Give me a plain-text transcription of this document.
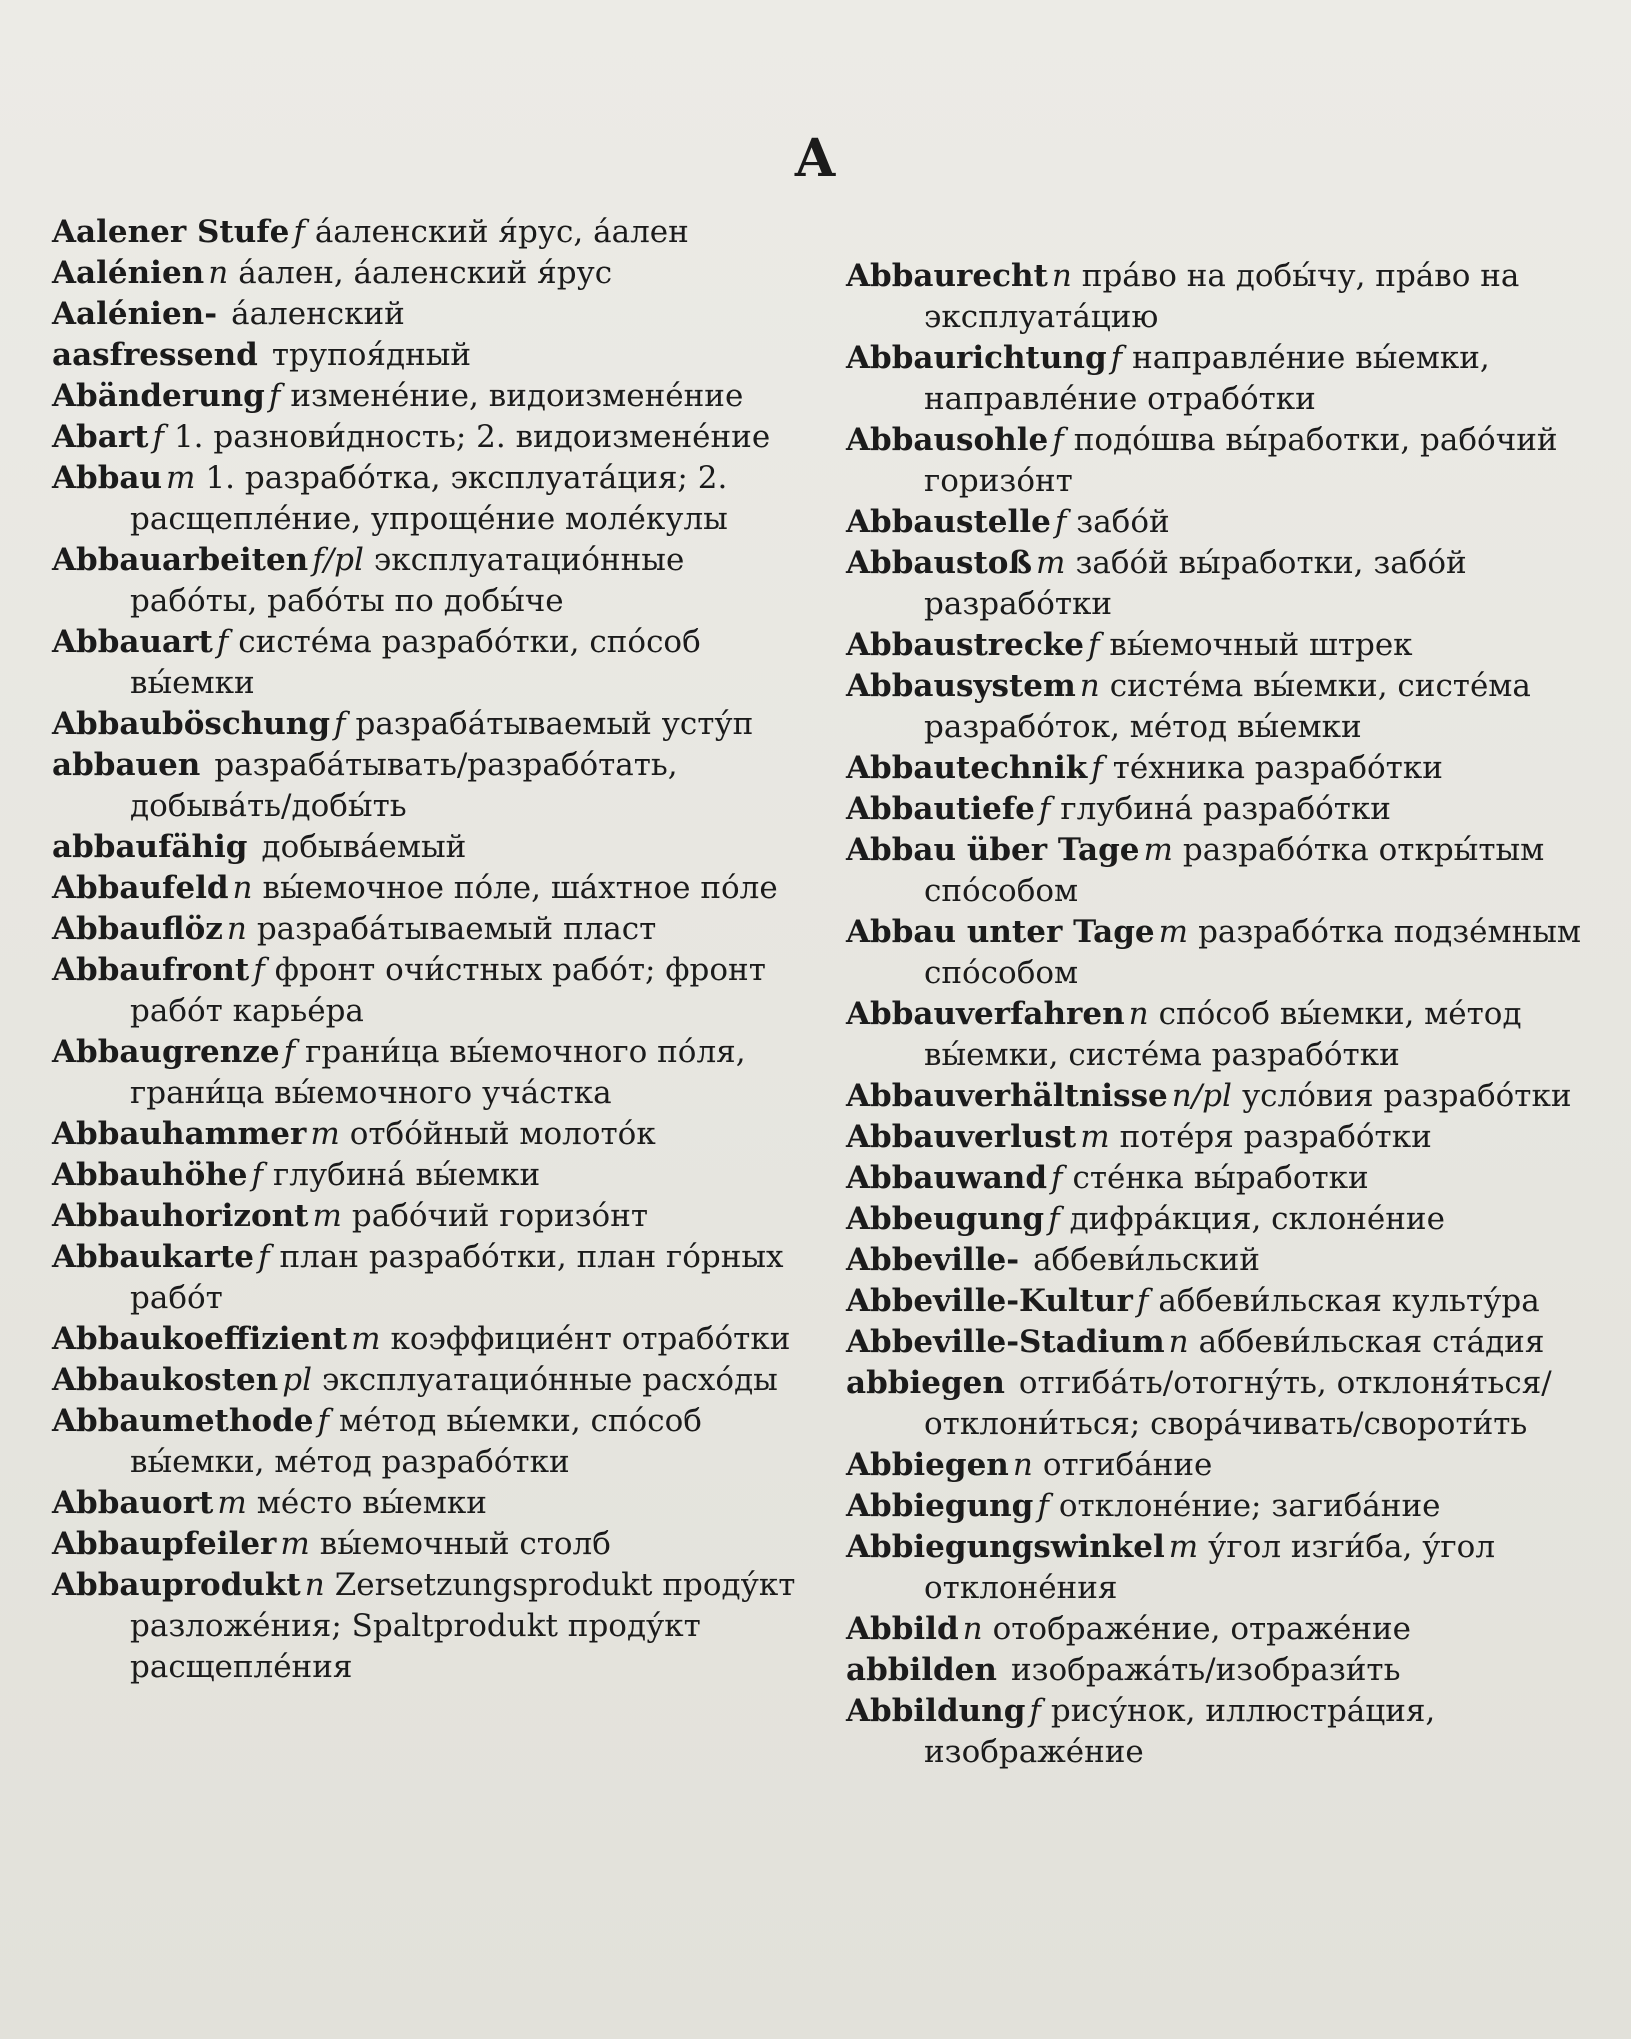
A
Aalener Stufe f áаленский я́рус, áален
Aalénien n áален, áаленский я́рус
Aalénien- áаленский
aasfressend трупоя́дный
Abänderung f измене́ние, видоизмене́ние
Abart f 1. разнови́дность; 2. видоизмене́ние
Abbau m 1. разрабо́тка, эксплуата́ция; 2. расщепле́ние, упроще́ние моле́кулы
Abbauarbeiten f/pl эксплуатацио́нные рабо́ты, рабо́ты по добы́че
Abbauart f систе́ма разрабо́тки, спо́соб вы́емки
Abbauböschung f разраба́тываемый усту́п
abbauen разраба́тывать/разрабо́тать, добыва́ть/добы́ть
abbaufähig добыва́емый
Abbaufeld n вы́емочное по́ле, ша́хтное по́ле
Abbauflöz n разраба́тываемый пласт
Abbaufront f фронт очи́стных рабо́т; фронт рабо́т карье́ра
Abbaugrenze f грани́ца вы́емочного по́ля, грани́ца вы́емочного уча́стка
Abbauhammer m отбо́йный молото́к
Abbauhöhe f глубина́ вы́емки
Abbauhorizont m рабо́чий горизо́нт
Abbaukarte f план разрабо́тки, план го́рных рабо́т
Abbaukoeffizient m коэффицие́нт отрабо́тки
Abbaukosten pl эксплуатацио́нные расхо́ды
Abbaumethode f ме́тод вы́емки, спо́соб вы́емки, ме́тод разрабо́тки
Abbauort m ме́сто вы́емки
Abbaupfeiler m вы́емочный столб
Abbauprodukt n Zersetzungsprodukt проду́кт разложе́ния; Spaltprodukt проду́кт расщепле́ния
Abbaurecht n пра́во на добы́чу, пра́во на эксплуата́цию
Abbaurichtung f направле́ние вы́емки, направле́ние отрабо́тки
Abbausohle f подо́шва вы́работки, рабо́чий горизо́нт
Abbaustelle f забо́й
Abbaustoß m забо́й вы́работки, забо́й разрабо́тки
Abbaustrecke f вы́емочный штрек
Abbausystem n систе́ма вы́емки, систе́ма разрабо́ток, ме́тод вы́емки
Abbautechnik f те́хника разрабо́тки
Abbautiefe f глубина́ разрабо́тки
Abbau über Tage m разрабо́тка откры́тым спо́собом
Abbau unter Tage m разрабо́тка подзе́мным спо́собом
Abbauverfahren n спо́соб вы́емки, ме́тод вы́емки, систе́ма разрабо́тки
Abbauverhältnisse n/pl усло́вия разрабо́тки
Abbauverlust m поте́ря разрабо́тки
Abbauwand f сте́нка вы́работки
Abbeugung f дифра́кция, склоне́ние
Abbeville- аббеви́льский
Abbeville-Kultur f аббеви́льская культу́ра
Abbeville-Stadium n аббеви́льская ста́дия
abbiegen отгиба́ть/отогну́ть, отклоня́ться/отклони́ться; свора́чивать/свороти́ть
Abbiegen n отгиба́ние
Abbiegung f отклоне́ние; загиба́ние
Abbiegungswinkel m у́гол изги́ба, у́гол отклоне́ния
Abbild n отображе́ние, отраже́ние
abbilden изобража́ть/изобрази́ть
Abbildung f рису́нок, иллюстра́ция, изображе́ние
